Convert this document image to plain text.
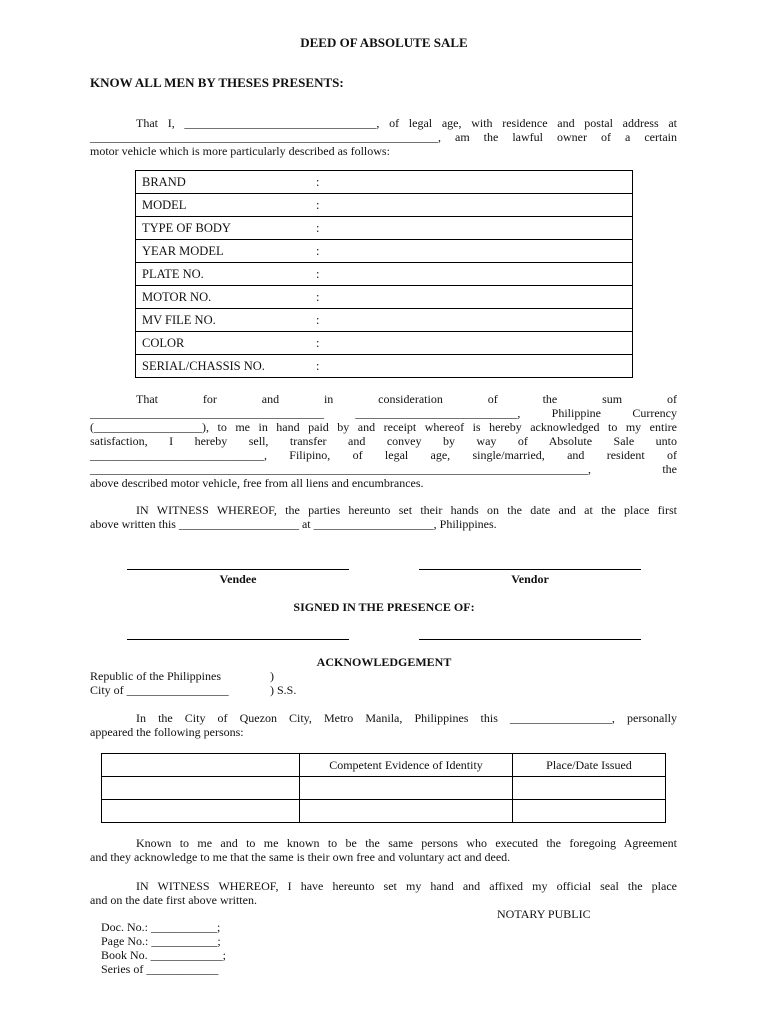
DEED OF ABSOLUTE SALE
KNOW ALL MEN BY THESES PRESENTS:
That I, ________________________________, of legal age, with residence and postal address at
__________________________________________________________, am the lawful owner of a certain
motor vehicle which is more particularly described as follows:
BRAND	:
MODEL	:
TYPE OF BODY	:
YEAR MODEL	:
PLATE NO.	:
MOTOR NO.	:
MV FILE NO.	:
COLOR	:
SERIAL/CHASSIS NO.	:
That for and in consideration of the sum of
_______________________________________ ___________________________, Philippine Currency
(__________________), to me in hand paid by and receipt whereof is hereby acknowledged to my entire
satisfaction, I hereby sell, transfer and convey by way of Absolute Sale unto
_____________________________, Filipino, of legal age, single/married, and resident of
___________________________________________________________________________________, the
above described motor vehicle, free from all liens and encumbrances.
IN WITNESS WHEREOF, the parties hereunto set their hands on the date and at the place first
above written this ____________________ at ____________________, Philippines.
Vendee	Vendor
SIGNED IN THE PRESENCE OF:
ACKNOWLEDGEMENT
Republic of the Philippines	)
City of _________________	) S.S.
In the City of Quezon City, Metro Manila, Philippines this _________________, personally
appeared the following persons:
	Competent Evidence of Identity	Place/Date Issued

Known to me and to me known to be the same persons who executed the foregoing Agreement
and they acknowledge to me that the same is their own free and voluntary act and deed.
IN WITNESS WHEREOF, I have hereunto set my hand and affixed my official seal the place
and on the date first above written.
NOTARY PUBLIC
Doc. No.: ___________;
Page No.: ___________;
Book No. ____________;
Series of ____________
